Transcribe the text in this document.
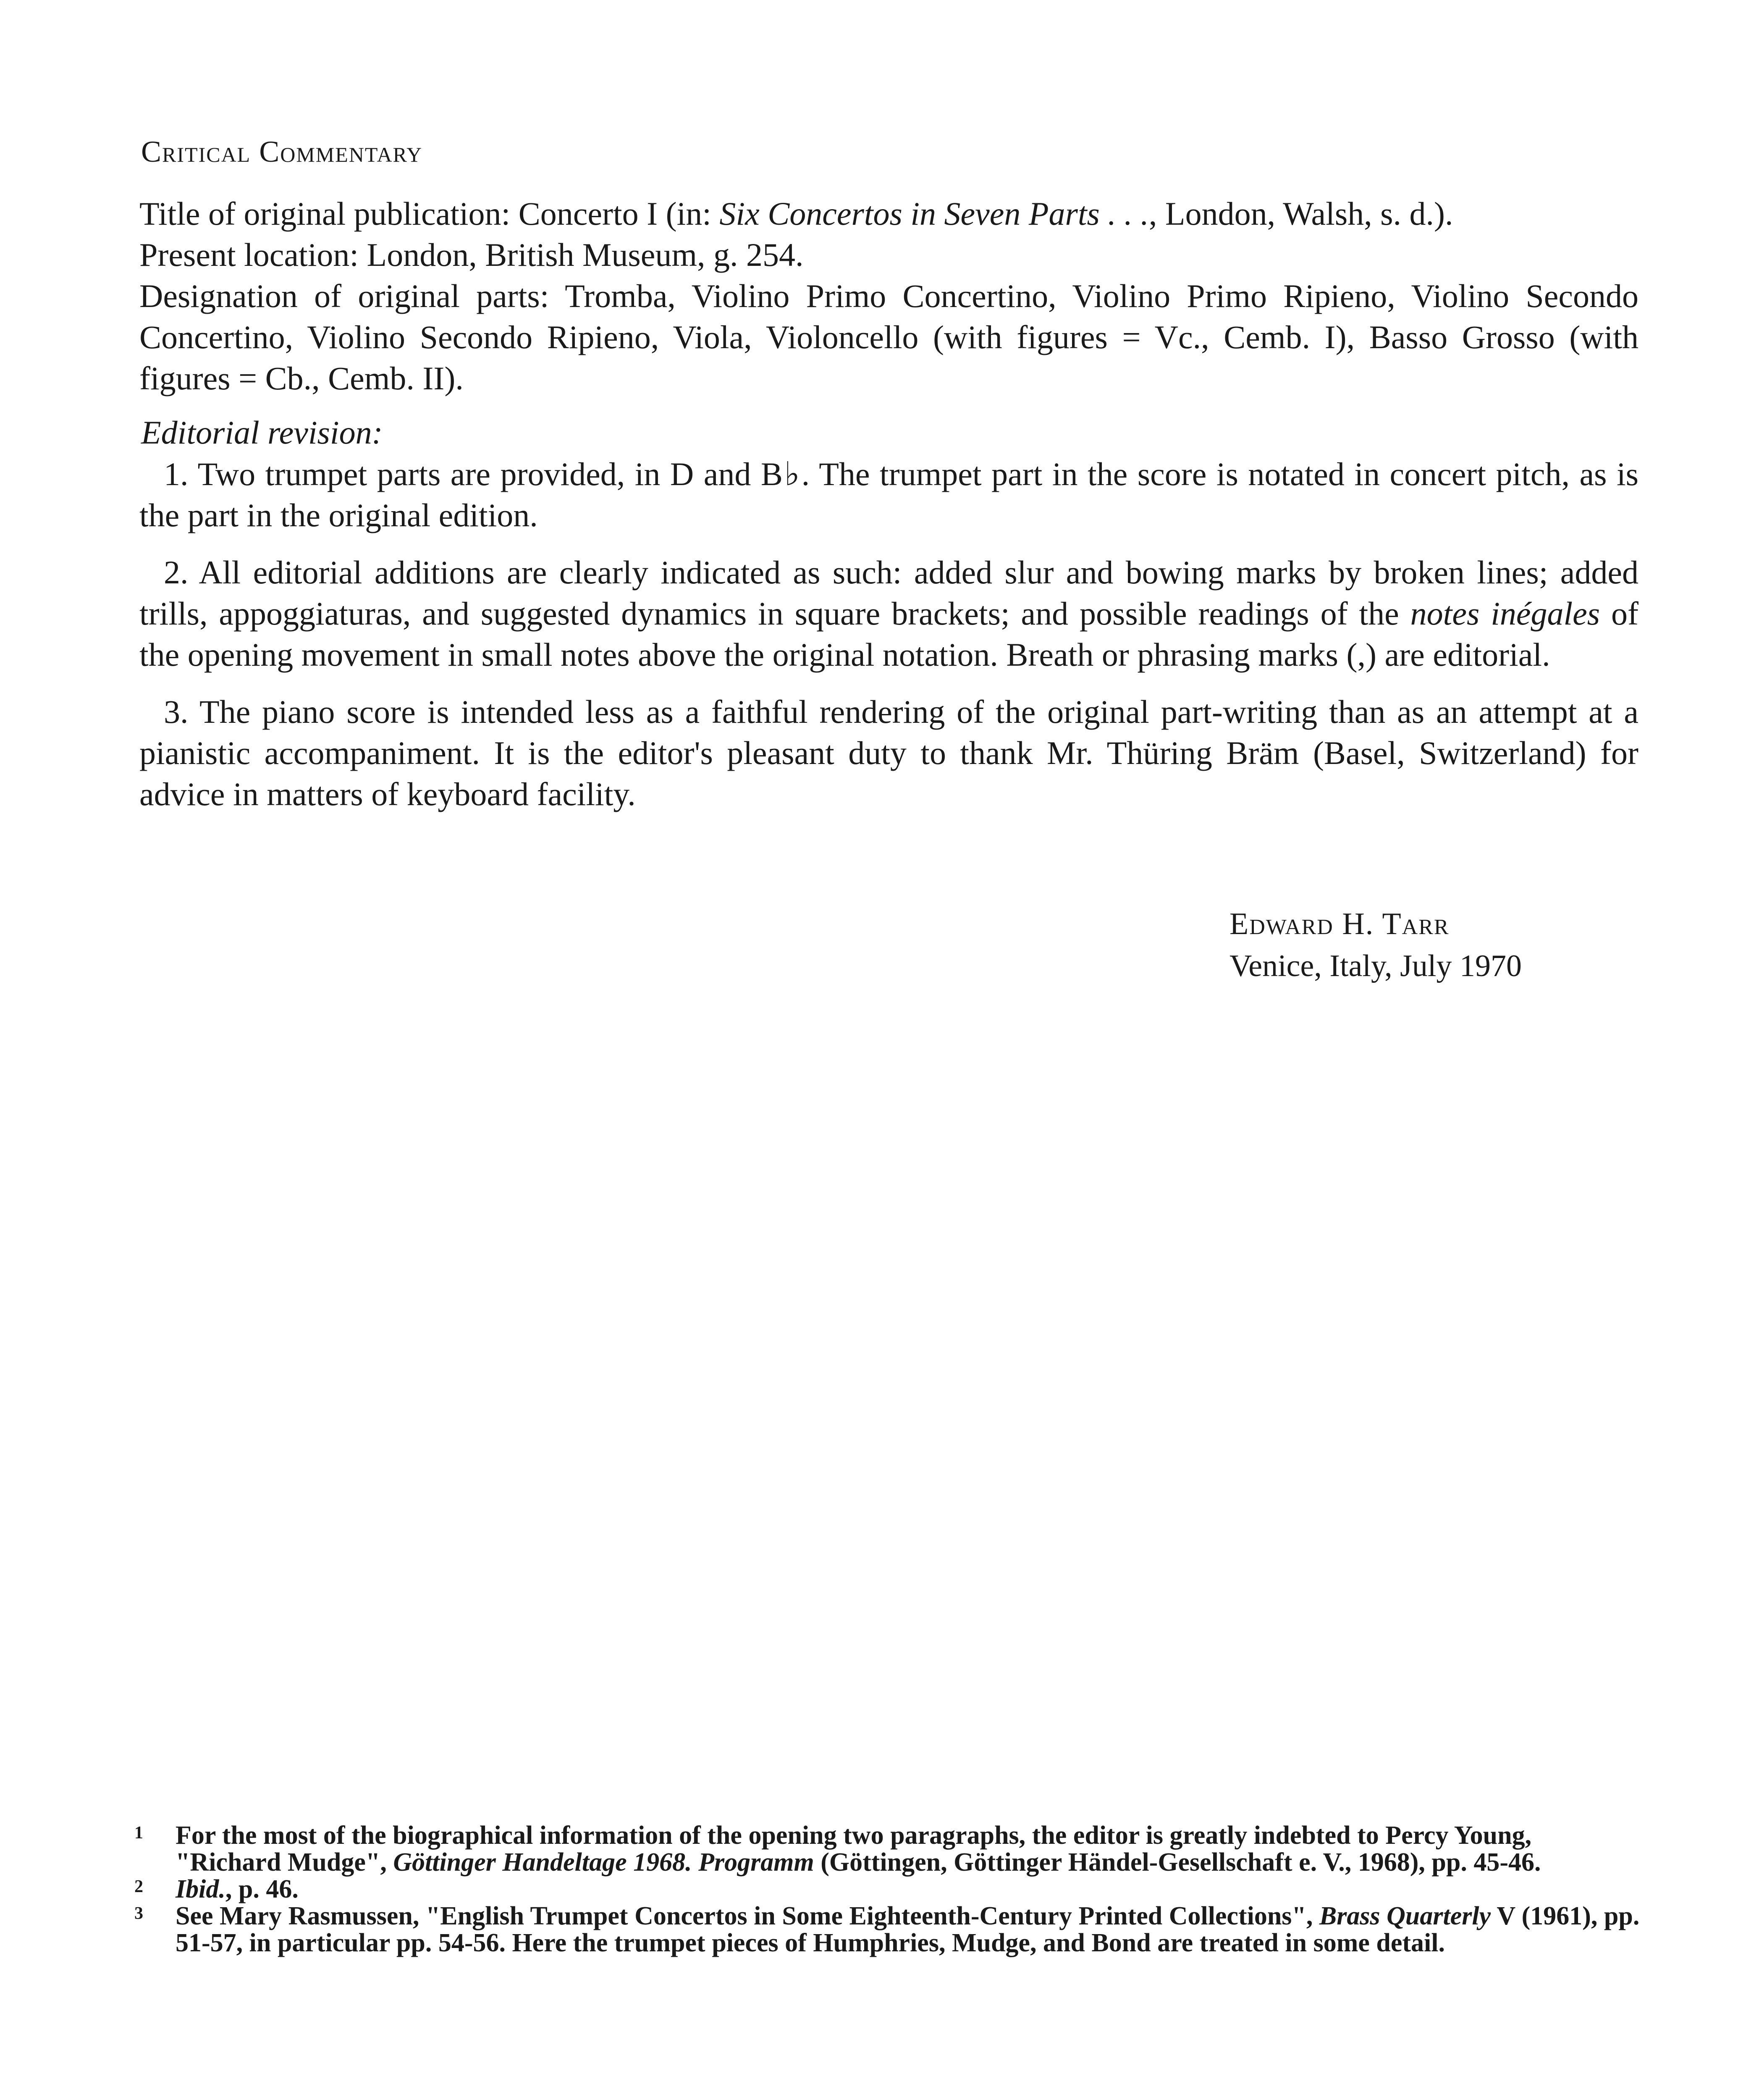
Critical Commentary

Title of original publication: Concerto I (in: Six Concertos in Seven Parts . . ., London, Walsh, s. d.).

Present location: London, British Museum, g. 254.

Designation of original parts: Tromba, Violino Primo Concertino, Violino Primo Ripieno, Violino Secondo Concertino, Violino Secondo Ripieno, Viola, Violoncello (with figures = Vc., Cemb. I), Basso Grosso (with figures = Cb., Cemb. II).

Editorial revision:

1. Two trumpet parts are provided, in D and B♭. The trumpet part in the score is notated in concert pitch, as is the part in the original edition.

2. All editorial additions are clearly indicated as such: added slur and bowing marks by broken lines; added trills, appoggiaturas, and suggested dynamics in square brackets; and possible readings of the notes inégales of the opening movement in small notes above the original notation. Breath or phrasing marks (,) are editorial.

3. The piano score is intended less as a faithful rendering of the original part-writing than as an attempt at a pianistic accompaniment. It is the editor's pleasant duty to thank Mr. Thüring Bräm (Basel, Switzerland) for advice in matters of keyboard facility.

Edward H. Tarr
Venice, Italy, July 1970

1 For the most of the biographical information of the opening two paragraphs, the editor is greatly indebted to Percy Young, "Richard Mudge", Göttinger Handeltage 1968. Programm (Göttingen, Göttinger Händel-Gesellschaft e. V., 1968), pp. 45-46.

2 Ibid., p. 46.

3 See Mary Rasmussen, "English Trumpet Concertos in Some Eighteenth-Century Printed Collections", Brass Quarterly V (1961), pp. 51-57, in particular pp. 54-56. Here the trumpet pieces of Humphries, Mudge, and Bond are treated in some detail.
